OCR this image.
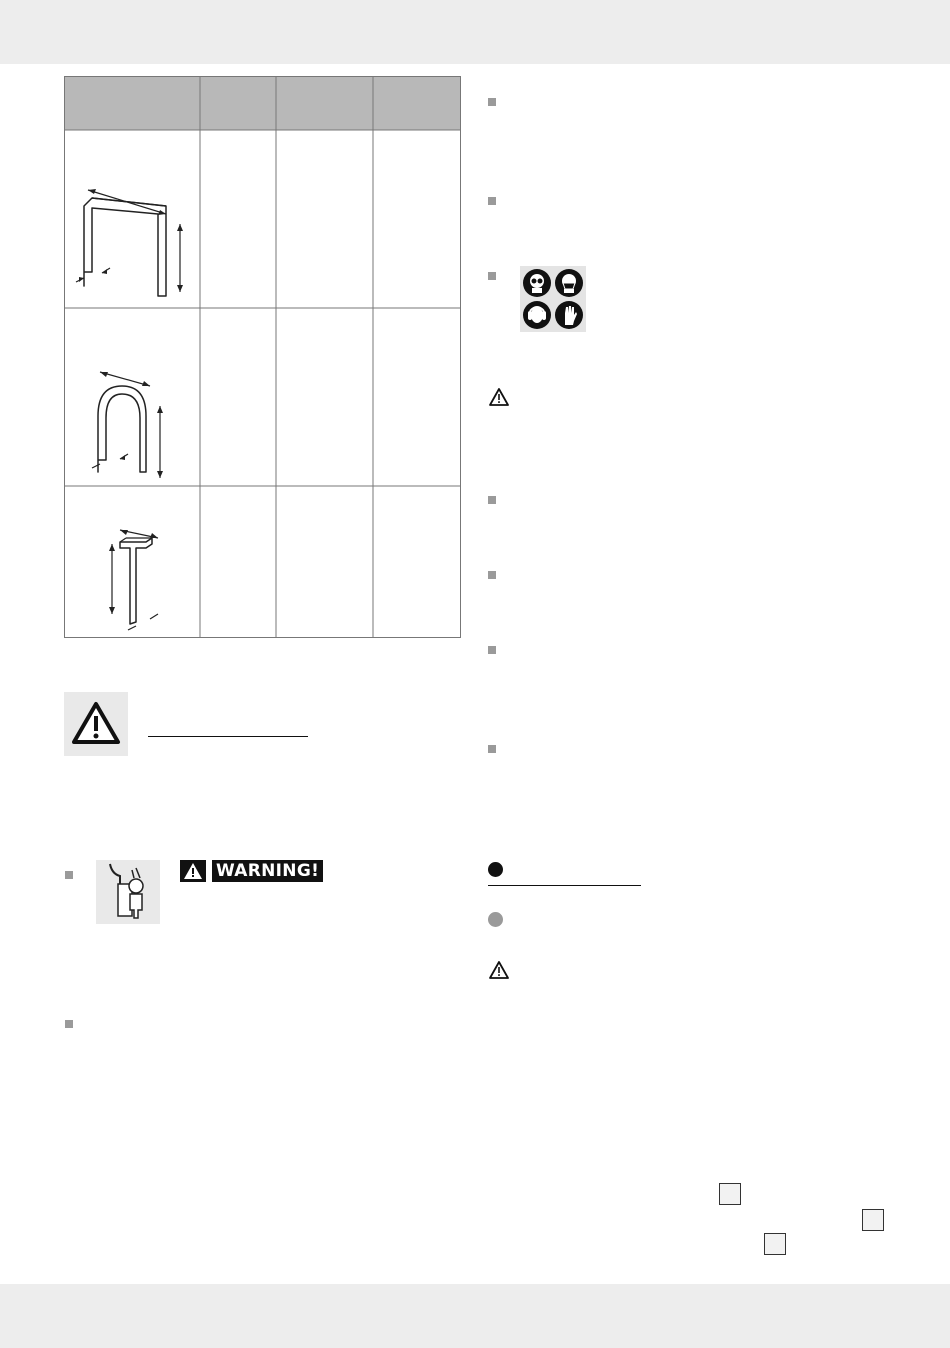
WARNING!
